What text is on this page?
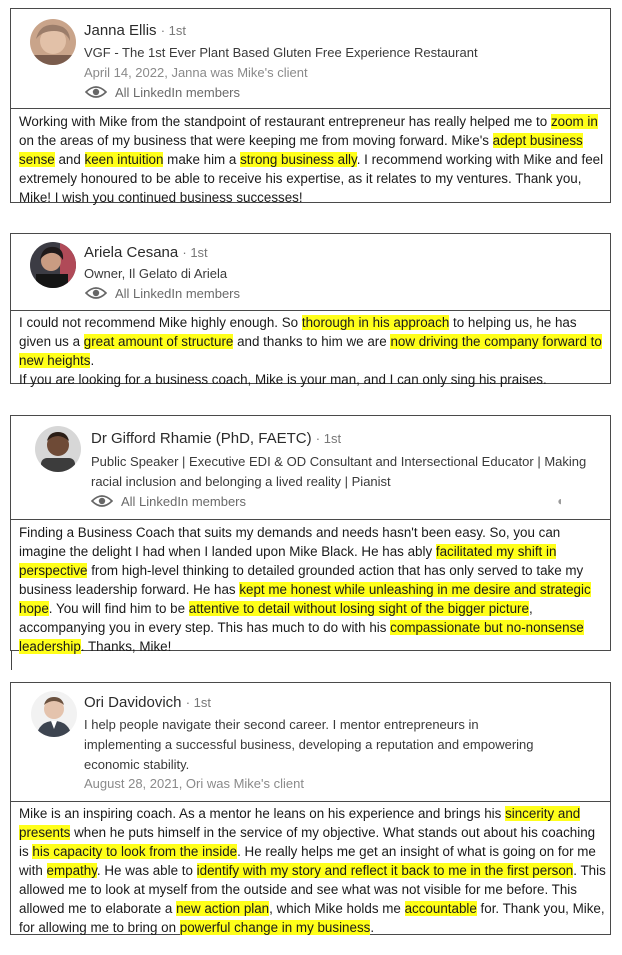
Janna Ellis · 1st
VGF - The 1st Ever Plant Based Gluten Free Experience Restaurant
April 14, 2022, Janna was Mike's client
All LinkedIn members
Working with Mike from the standpoint of restaurant entrepreneur has really helped me to zoom in on the areas of my business that were keeping me from moving forward. Mike's adept business sense and keen intuition make him a strong business ally. I recommend working with Mike and feel extremely honoured to be able to receive his expertise, as it relates to my ventures. Thank you, Mike! I wish you continued business successes!
Ariela Cesana · 1st
Owner, Il Gelato di Ariela
All LinkedIn members
I could not recommend Mike highly enough. So thorough in his approach to helping us, he has given us a great amount of structure and thanks to him we are now driving the company forward to new heights.
If you are looking for a business coach, Mike is your man, and I can only sing his praises.
Dr Gifford Rhamie (PhD, FAETC) · 1st
Public Speaker | Executive EDI & OD Consultant and Intersectional Educator | Making racial inclusion and belonging a lived reality | Pianist
All LinkedIn members	◖
Finding a Business Coach that suits my demands and needs hasn't been easy. So, you can imagine the delight I had when I landed upon Mike Black. He has ably facilitated my shift in perspective from high-level thinking to detailed grounded action that has only served to take my business leadership forward. He has kept me honest while unleashing in me desire and strategic hope. You will find him to be attentive to detail without losing sight of the bigger picture, accompanying you in every step. This has much to do with his compassionate but no-nonsense leadership. Thanks, Mike!
Ori Davidovich · 1st
I help people navigate their second career. I mentor entrepreneurs in implementing a successful business, developing a reputation and empowering economic stability.
August 28, 2021, Ori was Mike's client
Mike is an inspiring coach. As a mentor he leans on his experience and brings his sincerity and presents when he puts himself in the service of my objective. What stands out about his coaching is his capacity to look from the inside. He really helps me get an insight of what is going on for me with empathy. He was able to identify with my story and reflect it back to me in the first person. This allowed me to look at myself from the outside and see what was not visible for me before. This allowed me to elaborate a new action plan, which Mike holds me accountable for. Thank you, Mike, for allowing me to bring on powerful change in my business.
